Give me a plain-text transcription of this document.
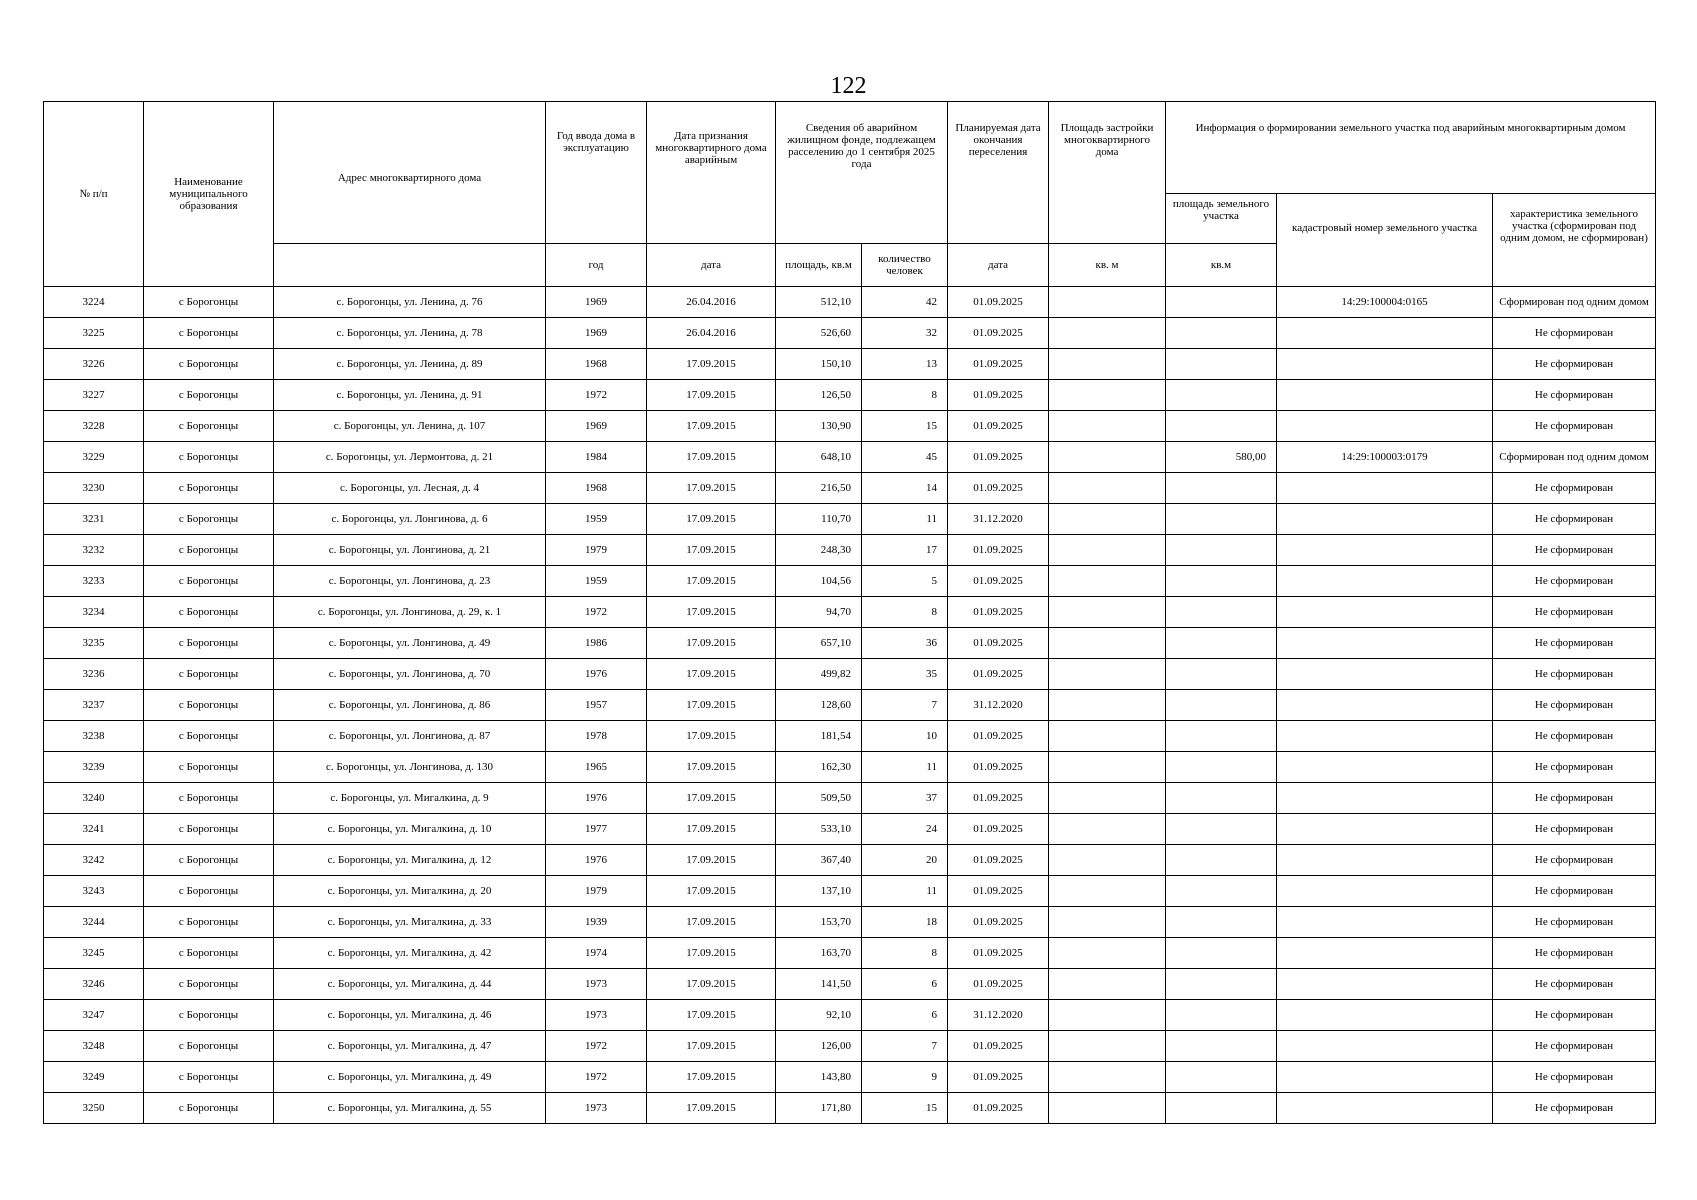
122
№ п/п	Наименование муниципального образования	Адрес многоквартирного дома	Год ввода дома в эксплуатацию	Дата признания многоквартирного дома аварийным	Сведения об аварийном жилищном фонде, подлежащем расселению до 1 сентября 2025 года		Планируемая дата окончания переселения	Площадь застройки многоквартирного дома	Информация о формировании земельного участка под аварийным многоквартирным домом		
									площадь земельного участка	кадастровый номер земельного участка	характеристика земельного участка (сформирован под одним домом, не сформирован)
			год	дата	площадь, кв.м	количество человек	дата	кв. м	кв.м		
3224	с Борогонцы	с. Борогонцы, ул. Ленина, д. 76	1969	26.04.2016	512,10	42	01.09.2025			14:29:100004:0165	Сформирован под одним домом
3225	с Борогонцы	с. Борогонцы, ул. Ленина, д. 78	1969	26.04.2016	526,60	32	01.09.2025				Не сформирован
3226	с Борогонцы	с. Борогонцы, ул. Ленина, д. 89	1968	17.09.2015	150,10	13	01.09.2025				Не сформирован
3227	с Борогонцы	с. Борогонцы, ул. Ленина, д. 91	1972	17.09.2015	126,50	8	01.09.2025				Не сформирован
3228	с Борогонцы	с. Борогонцы, ул. Ленина, д. 107	1969	17.09.2015	130,90	15	01.09.2025				Не сформирован
3229	с Борогонцы	с. Борогонцы, ул. Лермонтова, д. 21	1984	17.09.2015	648,10	45	01.09.2025		580,00	14:29:100003:0179	Сформирован под одним домом
3230	с Борогонцы	с. Борогонцы, ул. Лесная, д. 4	1968	17.09.2015	216,50	14	01.09.2025				Не сформирован
3231	с Борогонцы	с. Борогонцы, ул. Лонгинова, д. 6	1959	17.09.2015	110,70	11	31.12.2020				Не сформирован
3232	с Борогонцы	с. Борогонцы, ул. Лонгинова, д. 21	1979	17.09.2015	248,30	17	01.09.2025				Не сформирован
3233	с Борогонцы	с. Борогонцы, ул. Лонгинова, д. 23	1959	17.09.2015	104,56	5	01.09.2025				Не сформирован
3234	с Борогонцы	с. Борогонцы, ул. Лонгинова, д. 29, к. 1	1972	17.09.2015	94,70	8	01.09.2025				Не сформирован
3235	с Борогонцы	с. Борогонцы, ул. Лонгинова, д. 49	1986	17.09.2015	657,10	36	01.09.2025				Не сформирован
3236	с Борогонцы	с. Борогонцы, ул. Лонгинова, д. 70	1976	17.09.2015	499,82	35	01.09.2025				Не сформирован
3237	с Борогонцы	с. Борогонцы, ул. Лонгинова, д. 86	1957	17.09.2015	128,60	7	31.12.2020				Не сформирован
3238	с Борогонцы	с. Борогонцы, ул. Лонгинова, д. 87	1978	17.09.2015	181,54	10	01.09.2025				Не сформирован
3239	с Борогонцы	с. Борогонцы, ул. Лонгинова, д. 130	1965	17.09.2015	162,30	11	01.09.2025				Не сформирован
3240	с Борогонцы	с. Борогонцы, ул. Мигалкина, д. 9	1976	17.09.2015	509,50	37	01.09.2025				Не сформирован
3241	с Борогонцы	с. Борогонцы, ул. Мигалкина, д. 10	1977	17.09.2015	533,10	24	01.09.2025				Не сформирован
3242	с Борогонцы	с. Борогонцы, ул. Мигалкина, д. 12	1976	17.09.2015	367,40	20	01.09.2025				Не сформирован
3243	с Борогонцы	с. Борогонцы, ул. Мигалкина, д. 20	1979	17.09.2015	137,10	11	01.09.2025				Не сформирован
3244	с Борогонцы	с. Борогонцы, ул. Мигалкина, д. 33	1939	17.09.2015	153,70	18	01.09.2025				Не сформирован
3245	с Борогонцы	с. Борогонцы, ул. Мигалкина, д. 42	1974	17.09.2015	163,70	8	01.09.2025				Не сформирован
3246	с Борогонцы	с. Борогонцы, ул. Мигалкина, д. 44	1973	17.09.2015	141,50	6	01.09.2025				Не сформирован
3247	с Борогонцы	с. Борогонцы, ул. Мигалкина, д. 46	1973	17.09.2015	92,10	6	31.12.2020				Не сформирован
3248	с Борогонцы	с. Борогонцы, ул. Мигалкина, д. 47	1972	17.09.2015	126,00	7	01.09.2025				Не сформирован
3249	с Борогонцы	с. Борогонцы, ул. Мигалкина, д. 49	1972	17.09.2015	143,80	9	01.09.2025				Не сформирован
3250	с Борогонцы	с. Борогонцы, ул. Мигалкина, д. 55	1973	17.09.2015	171,80	15	01.09.2025				Не сформирован
